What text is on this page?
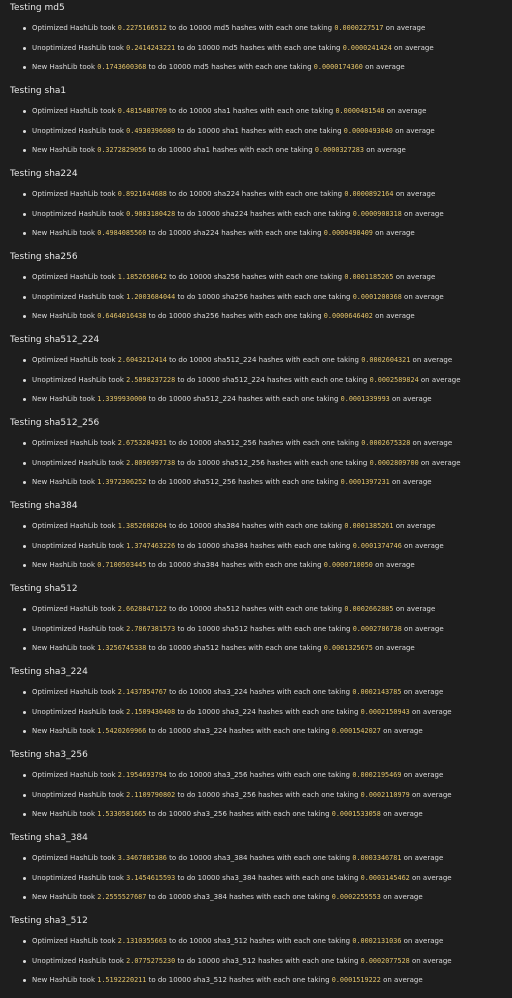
Testing md5
Optimized HashLib took 0.2275166512 to do 10000 md5 hashes with each one taking 0.0000227517 on average
Unoptimized HashLib took 0.2414243221 to do 10000 md5 hashes with each one taking 0.0000241424 on average
New HashLib took 0.1743600368 to do 10000 md5 hashes with each one taking 0.0000174360 on average
Testing sha1
Optimized HashLib took 0.4815480709 to do 10000 sha1 hashes with each one taking 0.0000481548 on average
Unoptimized HashLib took 0.4930396080 to do 10000 sha1 hashes with each one taking 0.0000493040 on average
New HashLib took 0.3272829056 to do 10000 sha1 hashes with each one taking 0.0000327283 on average
Testing sha224
Optimized HashLib took 0.8921644688 to do 10000 sha224 hashes with each one taking 0.0000892164 on average
Unoptimized HashLib took 0.9083180428 to do 10000 sha224 hashes with each one taking 0.0000908318 on average
New HashLib took 0.4984085560 to do 10000 sha224 hashes with each one taking 0.0000498409 on average
Testing sha256
Optimized HashLib took 1.1852650642 to do 10000 sha256 hashes with each one taking 0.0001185265 on average
Unoptimized HashLib took 1.2003684044 to do 10000 sha256 hashes with each one taking 0.0001200368 on average
New HashLib took 0.6464016438 to do 10000 sha256 hashes with each one taking 0.0000646402 on average
Testing sha512_224
Optimized HashLib took 2.6043212414 to do 10000 sha512_224 hashes with each one taking 0.0002604321 on average
Unoptimized HashLib took 2.5898237228 to do 10000 sha512_224 hashes with each one taking 0.0002589824 on average
New HashLib took 1.3399930000 to do 10000 sha512_224 hashes with each one taking 0.0001339993 on average
Testing sha512_256
Optimized HashLib took 2.6753284931 to do 10000 sha512_256 hashes with each one taking 0.0002675328 on average
Unoptimized HashLib took 2.8096997738 to do 10000 sha512_256 hashes with each one taking 0.0002809700 on average
New HashLib took 1.3972306252 to do 10000 sha512_256 hashes with each one taking 0.0001397231 on average
Testing sha384
Optimized HashLib took 1.3852608204 to do 10000 sha384 hashes with each one taking 0.0001385261 on average
Unoptimized HashLib took 1.3747463226 to do 10000 sha384 hashes with each one taking 0.0001374746 on average
New HashLib took 0.7100503445 to do 10000 sha384 hashes with each one taking 0.0000710050 on average
Testing sha512
Optimized HashLib took 2.6628847122 to do 10000 sha512 hashes with each one taking 0.0002662885 on average
Unoptimized HashLib took 2.7867381573 to do 10000 sha512 hashes with each one taking 0.0002786738 on average
New HashLib took 1.3256745338 to do 10000 sha512 hashes with each one taking 0.0001325675 on average
Testing sha3_224
Optimized HashLib took 2.1437854767 to do 10000 sha3_224 hashes with each one taking 0.0002143785 on average
Unoptimized HashLib took 2.1509430408 to do 10000 sha3_224 hashes with each one taking 0.0002150943 on average
New HashLib took 1.5420269966 to do 10000 sha3_224 hashes with each one taking 0.0001542027 on average
Testing sha3_256
Optimized HashLib took 2.1954693794 to do 10000 sha3_256 hashes with each one taking 0.0002195469 on average
Unoptimized HashLib took 2.1109790802 to do 10000 sha3_256 hashes with each one taking 0.0002110979 on average
New HashLib took 1.5330581665 to do 10000 sha3_256 hashes with each one taking 0.0001533058 on average
Testing sha3_384
Optimized HashLib took 3.3467805386 to do 10000 sha3_384 hashes with each one taking 0.0003346781 on average
Unoptimized HashLib took 3.1454615593 to do 10000 sha3_384 hashes with each one taking 0.0003145462 on average
New HashLib took 2.2555527687 to do 10000 sha3_384 hashes with each one taking 0.0002255553 on average
Testing sha3_512
Optimized HashLib took 2.1310355663 to do 10000 sha3_512 hashes with each one taking 0.0002131036 on average
Unoptimized HashLib took 2.0775275230 to do 10000 sha3_512 hashes with each one taking 0.0002077528 on average
New HashLib took 1.5192220211 to do 10000 sha3_512 hashes with each one taking 0.0001519222 on average
